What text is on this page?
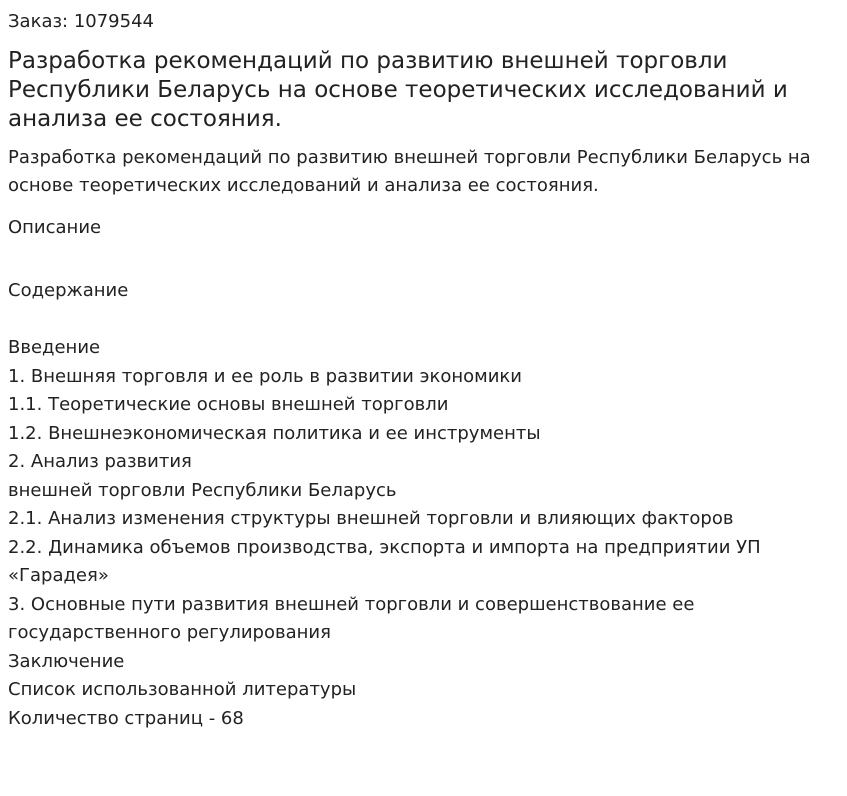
Заказ: 1079544
Разработка рекомендаций по развитию внешней торговли Республики Беларусь на основе теоретических исследований и анализа ее состояния.

Разработка рекомендаций по развитию внешней торговли Республики Беларусь на основе теоретических исследований и анализа ее состояния.

Описание
Содержание
Введение
1. Внешняя торговля и ее роль в развитии экономики
1.1. Теоретические основы внешней торговли
1.2. Внешнеэкономическая политика и ее инструменты
2. Анализ развития
внешней торговли Республики Беларусь
2.1. Анализ изменения структуры внешней торговли и влияющих факторов
2.2. Динамика объемов производства, экспорта и импорта на предприятии УП «Гарадея»
3. Основные пути развития внешней торговли и совершенствование ее государственного регулирования
Заключение
Список использованной литературы
Количество страниц - 68
